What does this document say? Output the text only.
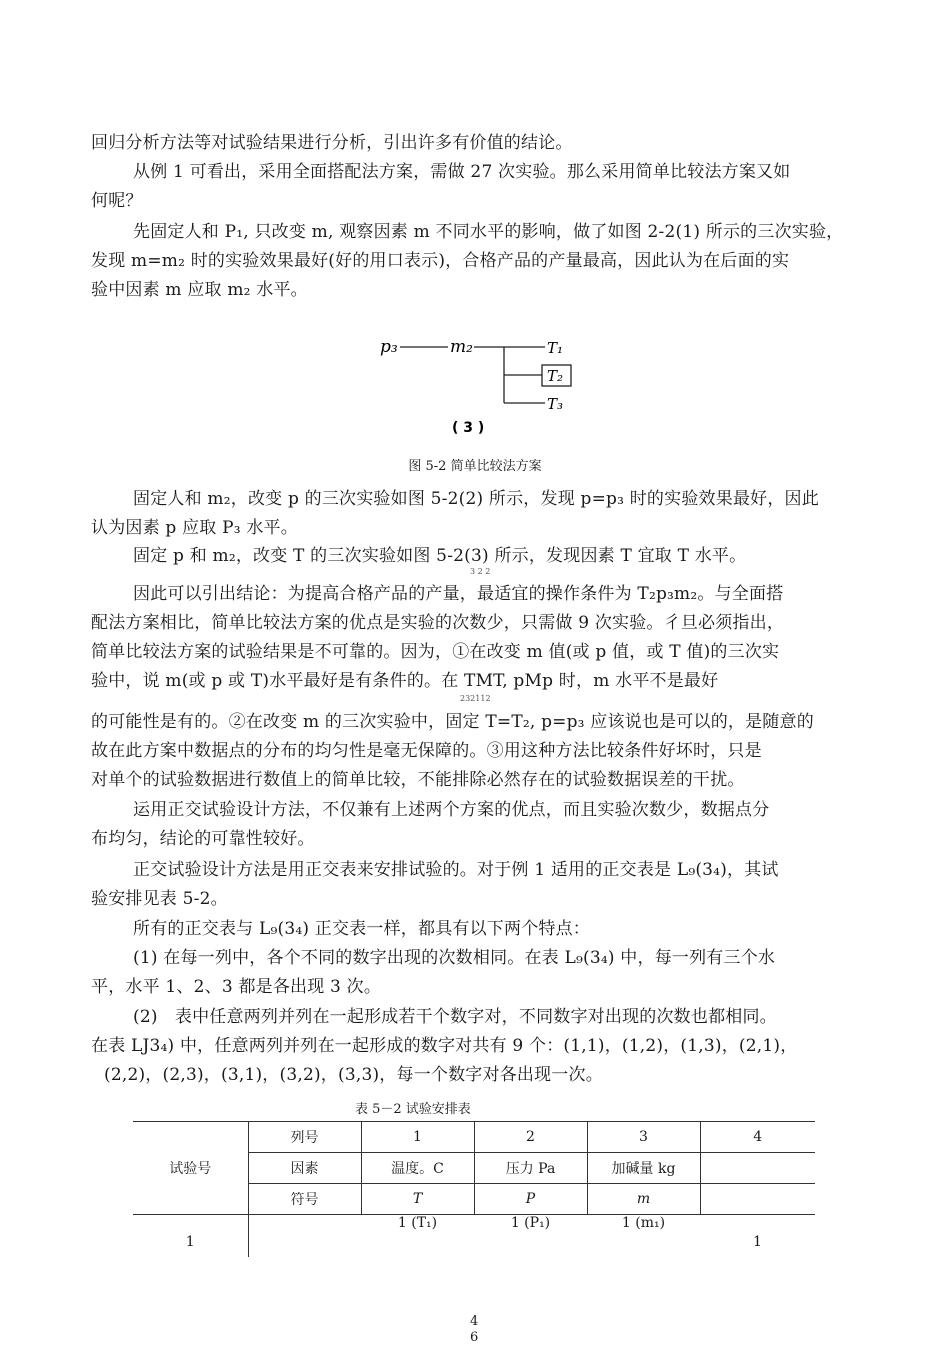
回归分析方法等对试验结果进行分析，引出许多有价值的结论。
从例 1 可看出，采用全面搭配法方案，需做 27 次实验。那么采用简单比较法方案又如
何呢？
先固定人和 P₁, 只改变 m, 观察因素 m 不同水平的影响，做了如图 2-2(1) 所示的三次实验，
发现 m=m₂ 时的实验效果最好(好的用口表示)，合格产品的产量最高，因此认为在后面的实
验中因素 m 应取 m₂ 水平。
p₃	m₂	T₁
T₂
T₃
( 3 )
图 5-2 简单比较法方案
固定人和 m₂，改变 p 的三次实验如图 5-2(2) 所示，发现 p=p₃ 时的实验效果最好，因此
认为因素 p 应取 P₃ 水平。
固定 p 和 m₂，改变 T 的三次实验如图 5-2(3) 所示，发现因素 T 宜取 T 水平。
3 2 2
因此可以引出结论：为提高合格产品的产量，最适宜的操作条件为 T₂p₃m₂。与全面搭
配法方案相比，简单比较法方案的优点是实验的次数少，只需做 9 次实验。彳旦必须指出，
简单比较法方案的试验结果是不可靠的。因为，①在改变 m 值(或 p 值，或 T 值)的三次实
验中，说 m(或 p 或 T)水平最好是有条件的。在 TMT, pMp 时，m 水平不是最好
232112
的可能性是有的。②在改变 m 的三次实验中，固定 T=T₂, p=p₃ 应该说也是可以的，是随意的
故在此方案中数据点的分布的均匀性是毫无保障的。③用这种方法比较条件好坏时，只是
对单个的试验数据进行数值上的简单比较，不能排除必然存在的试验数据误差的干扰。
运用正交试验设计方法，不仅兼有上述两个方案的优点，而且实验次数少，数据点分
布均匀，结论的可靠性较好。
正交试验设计方法是用正交表来安排试验的。对于例 1 适用的正交表是 L₉(3₄)，其试
验安排见表 5-2。
所有的正交表与 L₉(3₄) 正交表一样，都具有以下两个特点：
(1) 在每一列中，各个不同的数字出现的次数相同。在表 L₉(3₄) 中，每一列有三个水
平，水平 1、2、3 都是各出现 3 次。
(2)　表中任意两列并列在一起形成若干个数字对，不同数字对出现的次数也都相同。
在表 LJ3₄) 中，任意两列并列在一起形成的数字对共有 9 个：(1,1)，(1,2)，(1,3)，(2,1)，
(2,2)，(2,3)，(3,1)，(3,2)，(3,3)，每一个数字对各出现一次。
表 5－2 试验安排表
试验号	列号	1	2	3	4
	因素	温度。C	压力 Pa	加碱量 kg	
	符号	T	P	m	
1		1 (T₁)	1 (P₁)	1 (m₁)	1
4
6
